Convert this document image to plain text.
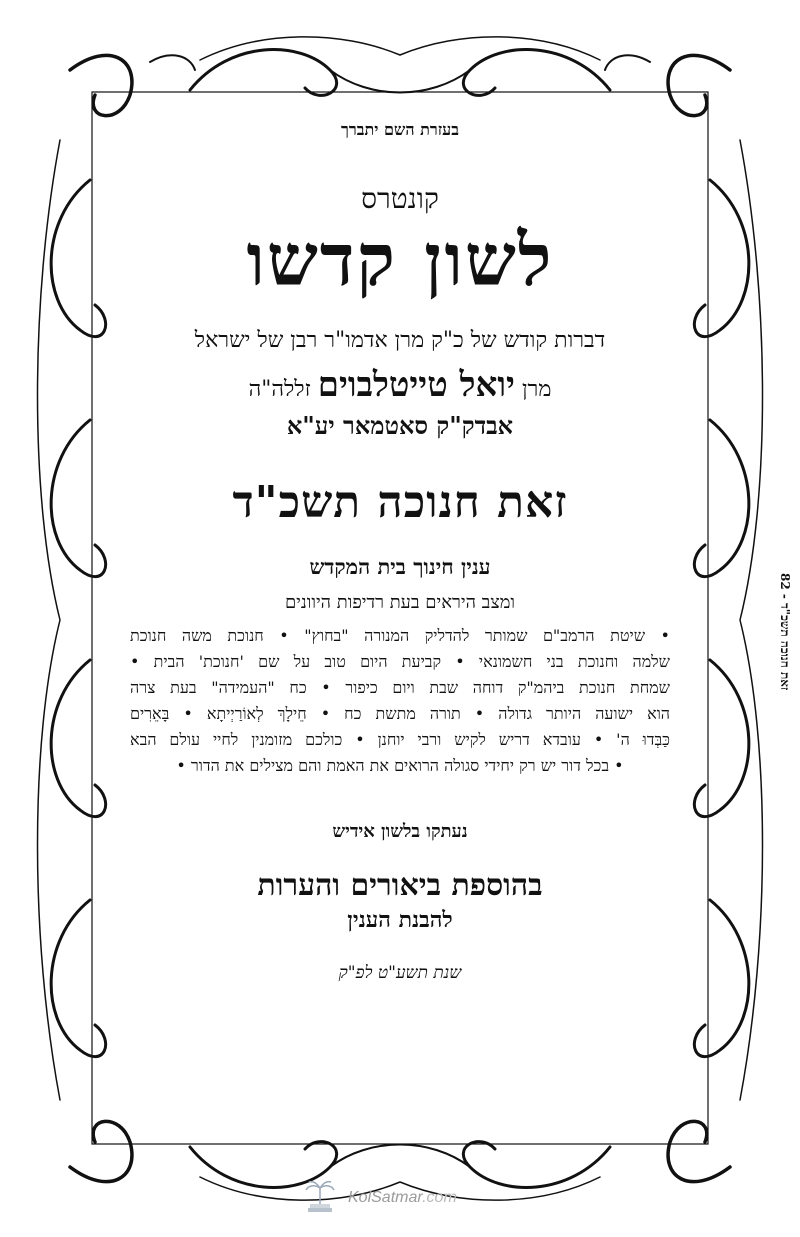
בעזרת השם יתברך
קונטרס
לשון קדשו
דברות קודש של כ"ק מרן אדמו"ר רבן של ישראל
מרן יואל טייטלבוים זללה"ה
אבדק"ק סאטמאר יע"א
זאת חנוכה תשכ"ד
ענין חינוך בית המקדש
ומצב היראים בעת רדיפות היוונים
• שיטת הרמב"ם שמותר להדליק המנורה "בחוץ" • חנוכת משה חנוכת
שלמה וחנוכת בני חשמונאי • קביעת היום טוב על שם 'חנוכת' הבית •
שמחת חנוכת ביהמ"ק דוחה שבת ויום כיפור • כח "העמידה" בעת צרה
הוא ישועה היותר גדולה • תורה מתשת כח • חֵילָךְ לְאוֹרַיְיתָא • בָּאֵרִים
כַּבְּדוּ ה' • עובדא דריש לקיש ורבי יוחנן • כולכם מזומנין לחיי עולם הבא
• בכל דור יש רק יחידי סגולה הרואים את האמת והם מצילים את הדור •
נעתקו בלשון אידיש
בהוספת ביאורים והערות
להבנת הענין
שנת תשע"ט לפ"ק
זאת חנוכה תשכ"ד - 82
KolSatmar.com
